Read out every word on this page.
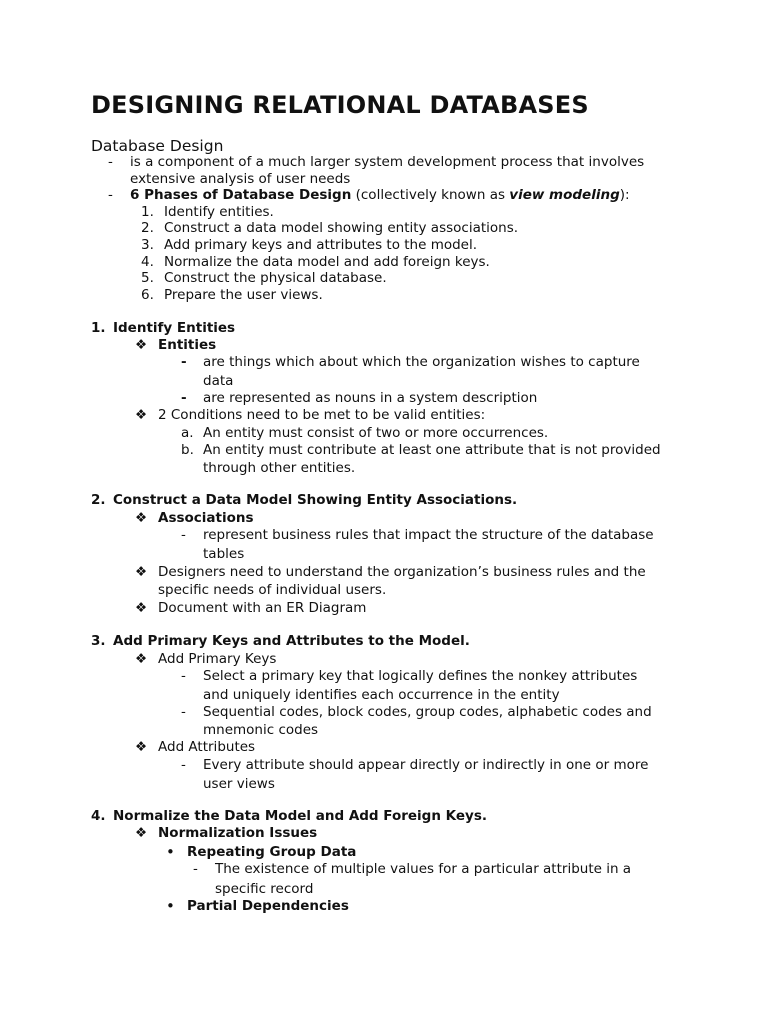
DESIGNING RELATIONAL DATABASES
Database Design
- is a component of a much larger system development process that involves
extensive analysis of user needs
- 6 Phases of Database Design (collectively known as view modeling):
1. Identify entities.
2. Construct a data model showing entity associations.
3. Add primary keys and attributes to the model.
4. Normalize the data model and add foreign keys.
5. Construct the physical database.
6. Prepare the user views.
1. Identify Entities
❖ Entities
- are things which about which the organization wishes to capture
data
- are represented as nouns in a system description
❖ 2 Conditions need to be met to be valid entities:
a. An entity must consist of two or more occurrences.
b. An entity must contribute at least one attribute that is not provided
through other entities.
2. Construct a Data Model Showing Entity Associations.
❖ Associations
- represent business rules that impact the structure of the database
tables
❖ Designers need to understand the organization’s business rules and the
specific needs of individual users.
❖ Document with an ER Diagram
3. Add Primary Keys and Attributes to the Model.
❖ Add Primary Keys
- Select a primary key that logically defines the nonkey attributes
and uniquely identifies each occurrence in the entity
- Sequential codes, block codes, group codes, alphabetic codes and
mnemonic codes
❖ Add Attributes
- Every attribute should appear directly or indirectly in one or more
user views
4. Normalize the Data Model and Add Foreign Keys.
❖ Normalization Issues
• Repeating Group Data
- The existence of multiple values for a particular attribute in a
specific record
• Partial Dependencies
